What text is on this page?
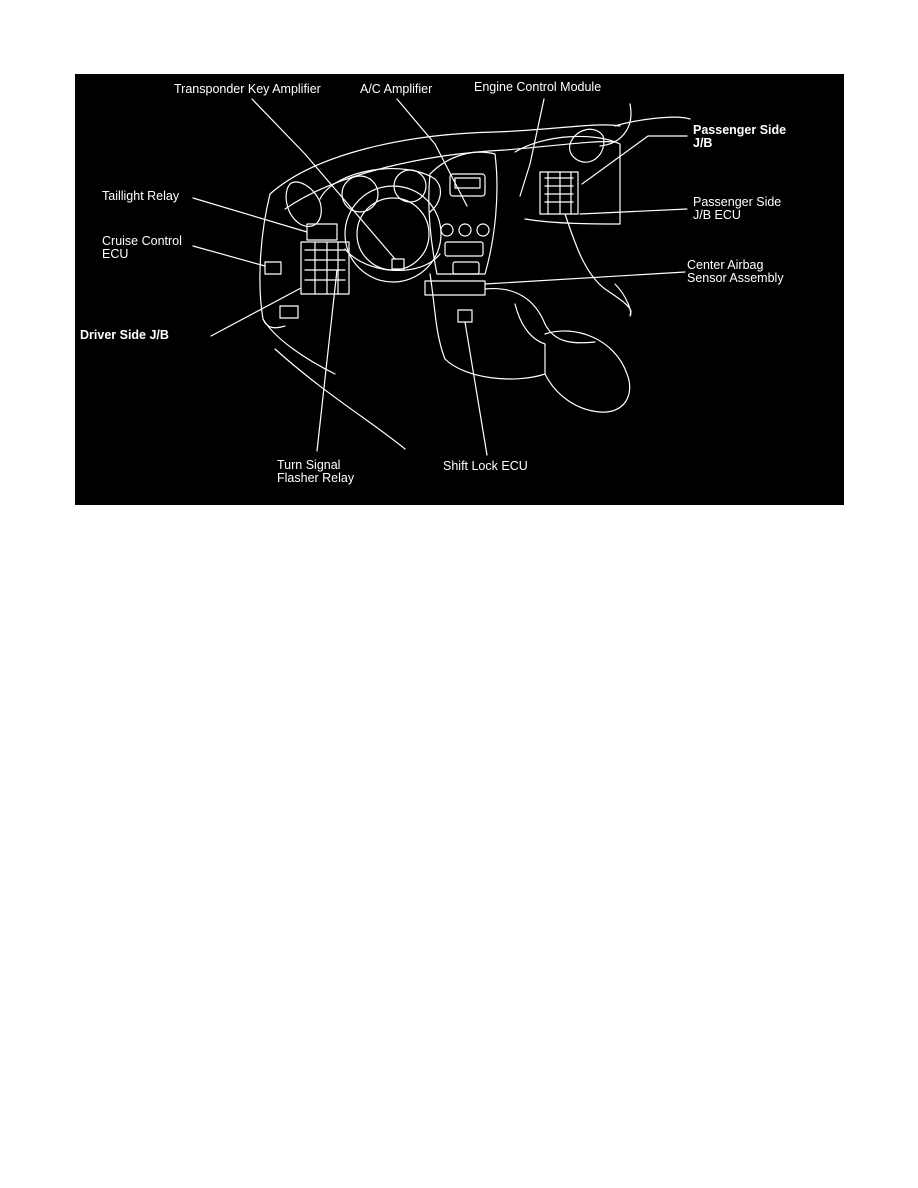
Transponder Key Amplifier	A/C Amplifier	Engine Control Module
Passenger Side
J/B
Taillight Relay	Passenger Side
J/B ECU
Cruise Control
ECU
Center Airbag
Sensor Assembly
Driver Side J/B
Turn Signal
Flasher Relay
Shift Lock ECU
